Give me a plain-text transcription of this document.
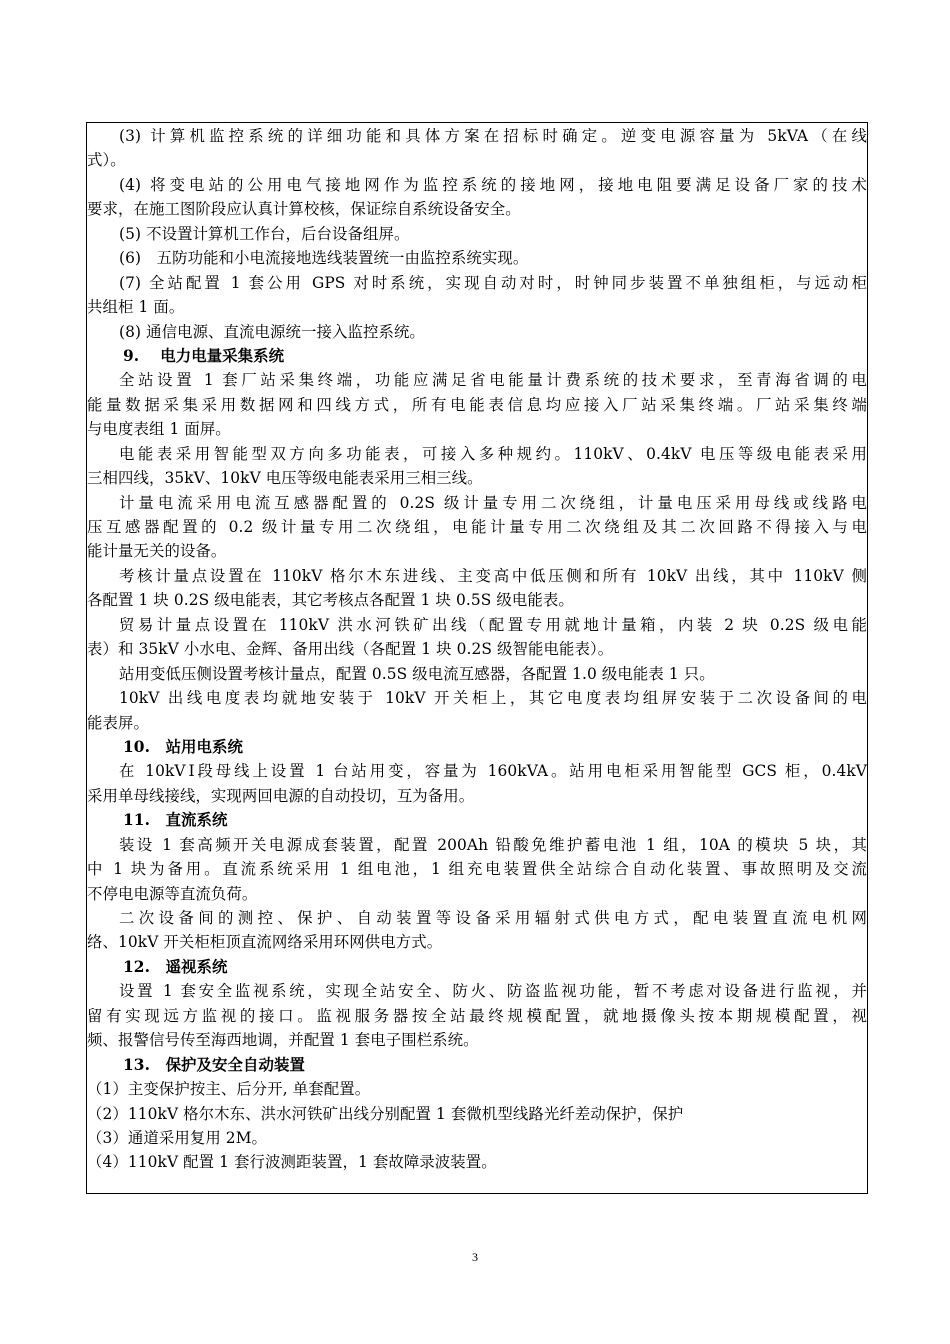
(3) 计算机监控系统的详细功能和具体方案在招标时确定。逆变电源容量为 5kVA（在线
式）。
(4) 将变电站的公用电气接地网作为监控系统的接地网，接地电阻要满足设备厂家的技术
要求，在施工图阶段应认真计算校核，保证综自系统设备安全。
(5) 不设置计算机工作台，后台设备组屏。
(6)　五防功能和小电流接地选线装置统一由监控系统实现。
(7) 全站配置 1 套公用 GPS 对时系统，实现自动对时，时钟同步装置不单独组柜，与远动柜
共组柜 1 面。
(8) 通信电源、直流电源统一接入监控系统。
9.　 电力电量采集系统
全站设置 1 套厂站采集终端，功能应满足省电能量计费系统的技术要求，至青海省调的电
能量数据采集采用数据网和四线方式，所有电能表信息均应接入厂站采集终端。厂站采集终端
与电度表组 1 面屏。
电能表采用智能型双方向多功能表，可接入多种规约。110kV、0.4kV 电压等级电能表采用
三相四线，35kV、10kV 电压等级电能表采用三相三线。
计量电流采用电流互感器配置的 0.2S 级计量专用二次绕组，计量电压采用母线或线路电
压互感器配置的 0.2 级计量专用二次绕组，电能计量专用二次绕组及其二次回路不得接入与电
能计量无关的设备。
考核计量点设置在 110kV 格尔木东进线、主变高中低压侧和所有 10kV 出线，其中 110kV 侧
各配置 1 块 0.2S 级电能表，其它考核点各配置 1 块 0.5S 级电能表。
贸易计量点设置在 110kV 洪水河铁矿出线（配置专用就地计量箱，内装 2 块 0.2S 级电能
表）和 35kV 小水电、金辉、备用出线（各配置 1 块 0.2S 级智能电能表）。
站用变低压侧设置考核计量点，配置 0.5S 级电流互感器，各配置 1.0 级电能表 1 只。
10kV 出线电度表均就地安装于 10kV 开关柜上，其它电度表均组屏安装于二次设备间的电
能表屏。
10.　站用电系统
在 10kVⅠ段母线上设置 1 台站用变，容量为 160kVA。站用电柜采用智能型 GCS 柜，0.4kV
采用单母线接线，实现两回电源的自动投切，互为备用。
11.　直流系统
装设 1 套高频开关电源成套装置，配置 200Ah 铅酸免维护蓄电池 1 组，10A 的模块 5 块，其
中 1 块为备用。直流系统采用 1 组电池，1 组充电装置供全站综合自动化装置、事故照明及交流
不停电电源等直流负荷。
二次设备间的测控、保护、自动装置等设备采用辐射式供电方式，配电装置直流电机网
络、10kV 开关柜柜顶直流网络采用环网供电方式。
12.　遥视系统
设置 1 套安全监视系统，实现全站安全、防火、防盗监视功能，暂不考虑对设备进行监视，并
留有实现远方监视的接口。监视服务器按全站最终规模配置，就地摄像头按本期规模配置，视
频、报警信号传至海西地调，并配置 1 套电子围栏系统。
13.　保护及安全自动装置
（1）主变保护按主、后分开, 单套配置。
（2）110kV 格尔木东、洪水河铁矿出线分别配置 1 套微机型线路光纤差动保护，保护
（3）通道采用复用 2M。
（4）110kV 配置 1 套行波测距装置，1 套故障录波装置。
3
